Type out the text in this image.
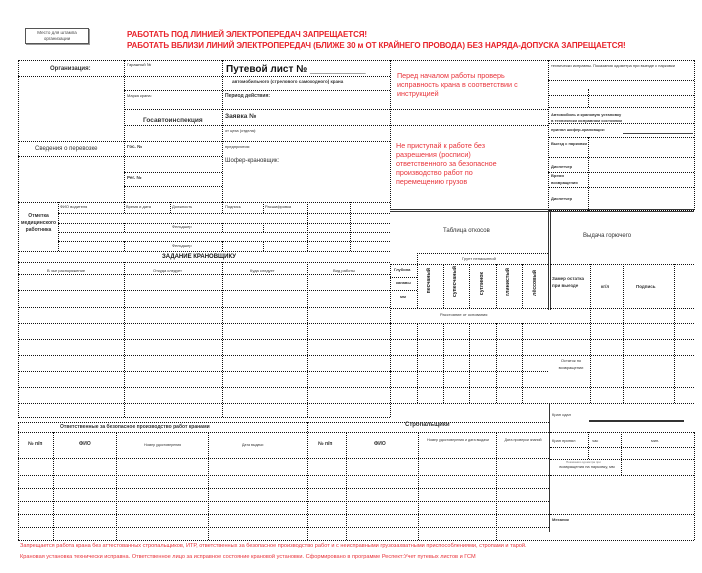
Место для штампа организации	РАБОТАТЬ ПОД ЛИНИЕЙ ЭЛЕКТРОПЕРЕДАЧ ЗАПРЕЩАЕТСЯ!
РАБОТАТЬ ВБЛИЗИ ЛИНИЙ ЭЛЕКТРОПЕРЕДАЧ (БЛИЖЕ 30 м ОТ КРАЙНЕГО ПРОВОДА) БЕЗ НАРЯДА-ДОПУСКА ЗАПРЕЩАЕТСЯ!
Организация:
Гаражный №	Путевой лист № __________
автомобильного (стрелового самоходного) крана
Марка крана:	Период действия:
Госавтоинспекция
Заявка №
от цеха (отдела):
Сведения о перевозке	Гос. №	предприятия:
Шофер-крановщик:
Рег. №
Перед началом работы проверь исправность крана в соответствии с инструкцией
Не приступай к работе без разрешения (росписи) ответственного за безопасное производство работ по перемещению грузов
технически исправны. Показания одометра при выезде с парковки
Автомобиль и крановую установку
в технически исправном состоянии
принял шофер-крановщик:
Выезд с парковки
Диспетчер
Время возвращения
Диспетчер
Отметка медицинского работника
ФИО водителя	Время и дата	Должность	Подпись	Расшифровка
Фельдшер
Фельдшер
ЗАДАНИЕ КРАНОВЩИКУ
В чье распоряжение	Откуда следует	Куда следует	Вид работы
Таблица откосов
Грунт ненасыпной
Глубина
канавы
мм
песчаный	супесчаный	суглинок	глинистый	лёссовый
Расстояние от основания
Выдача горючего
Замер остатка при выезде	кг/л	Подпись
Остаток по возвращении
Кран сдал
Кран принял	час	мин.
Показания одометра при
возвращения на парковку, мм
Механик
Ответственные за безопасное производство работ кранами
№ п/п	ФИО	Номер удостоверения	Дата выдачи
Стропальщики
№ п/п	ФИО
Номер удостоверения и дата выдачи	Дата проверки знаний
Запрещается работа крана без аттестованных стропальщиков, ИТР, ответственных за безопасное производство работ и с неисправными грузозахватными приспособлениями, стропами и тарой.
Крановая установка технически исправна. Ответственное лицо за исправное состояние крановой установки. Сформировано в программе Респект:Учет путевых листов и ГСМ
